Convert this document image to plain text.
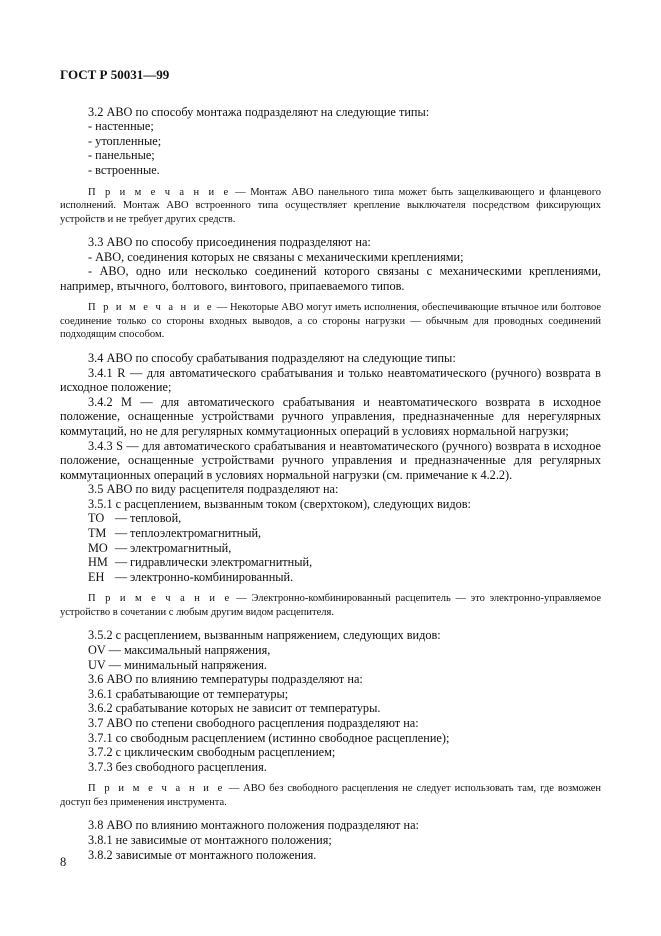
ГОСТ Р 50031—99

3.2 АВО по способу монтажа подразделяют на следующие типы:

- настенные;

- утопленные;

- панельные;

- встроенные.

П р и м е ч а н и е — Монтаж АВО панельного типа может быть защелкивающего и фланцевого исполнений. Монтаж АВО встроенного типа осуществляет крепление выключателя посредством фиксирующих устройств и не требует других средств.

3.3 АВО по способу присоединения подразделяют на:

- АВО, соединения которых не связаны с механическими креплениями;

- АВО, одно или несколько соединений которого связаны с механическими креплениями, например, втычного, болтового, винтового, припаеваемого типов.

П р и м е ч а н и е — Некоторые АВО могут иметь исполнения, обеспечивающие втычное или болтовое соединение только со стороны входных выводов, а со стороны нагрузки — обычным для проводных соединений подходящим способом.

3.4 АВО по способу срабатывания подразделяют на следующие типы:

3.4.1 R — для автоматического срабатывания и только неавтоматического (ручного) возврата в исходное положение;

3.4.2 М — для автоматического срабатывания и неавтоматического возврата в исходное положение, оснащенные устройствами ручного управления, предназначенные для нерегулярных коммутаций, но не для регулярных коммутационных операций в условиях нормальной нагрузки;

3.4.3 S — для автоматического срабатывания и неавтоматического (ручного) возврата в исходное положение, оснащенные устройствами ручного управления и предназначенные для регулярных коммутационных операций в условиях нормальной нагрузки (см. примечание к 4.2.2).

3.5 АВО по виду расцепителя подразделяют на:

3.5.1 с расцеплением, вызванным током (сверхтоком), следующих видов:

ТО — тепловой,
ТМ — теплоэлектромагнитный,
МО — электромагнитный,
НМ — гидравлически электромагнитный,
ЕН — электронно-комбинированный.

П р и м е ч а н и е — Электронно-комбинированный расцепитель — это электронно-управляемое устройство в сочетании с любым другим видом расцепителя.

3.5.2 с расцеплением, вызванным напряжением, следующих видов:

ОV — максимальный напряжения,

UV — минимальный напряжения.

3.6 АВО по влиянию температуры подразделяют на:

3.6.1 срабатывающие от температуры;

3.6.2 срабатывание которых не зависит от температуры.

3.7 АВО по степени свободного расцепления подразделяют на:

3.7.1 со свободным расцеплением (истинно свободное расцепление);

3.7.2 с циклическим свободным расцеплением;

3.7.3 без свободного расцепления.

П р и м е ч а н и е — АВО без свободного расцепления не следует использовать там, где возможен доступ без применения инструмента.

3.8 АВО по влиянию монтажного положения подразделяют на:

3.8.1 не зависимые от монтажного положения;

3.8.2 зависимые от монтажного положения.

8
